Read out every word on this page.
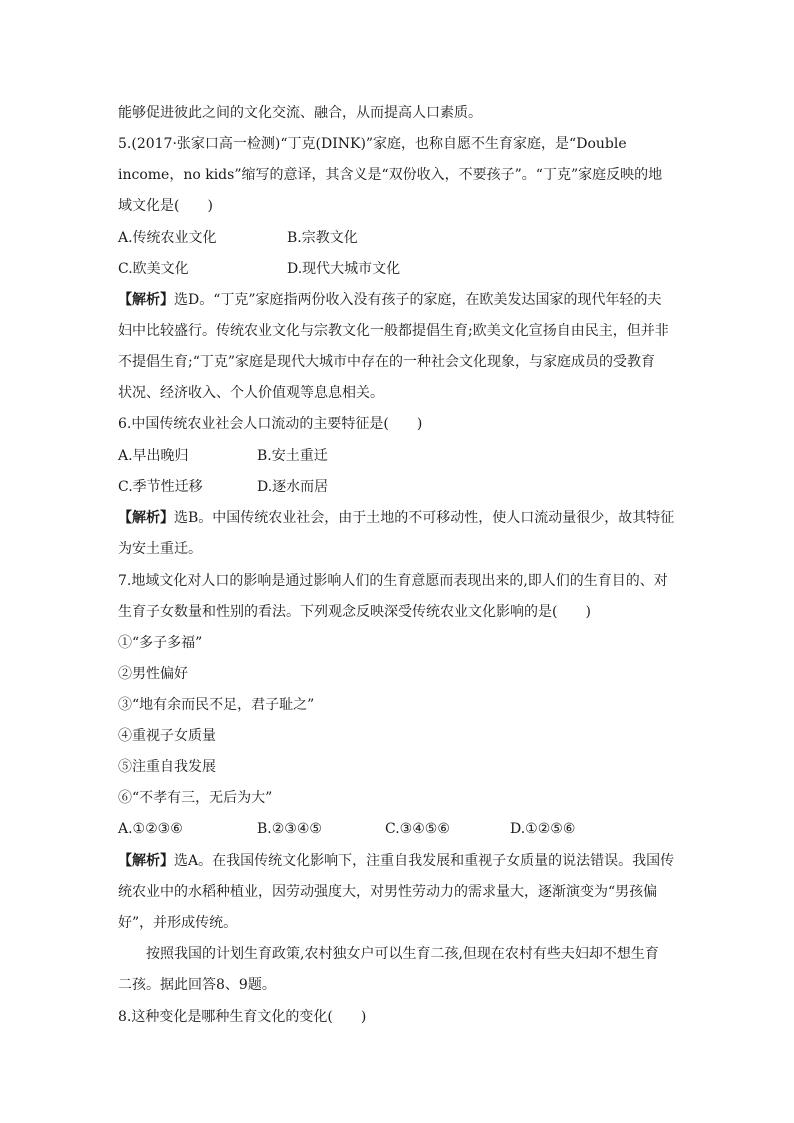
能够促进彼此之间的文化交流、融合，从而提高人口素质。
5.(2017·张家口高一检测)“丁克(DINK)”家庭，也称自愿不生育家庭，是“Double
income，no kids”缩写的意译，其含义是“双份收入，不要孩子”。“丁克”家庭反映的地
域文化是(　　)
A.传统农业文化	B.宗教文化
C.欧美文化	D.现代大城市文化
【解析】选D。“丁克”家庭指两份收入没有孩子的家庭，在欧美发达国家的现代年轻的夫
妇中比较盛行。传统农业文化与宗教文化一般都提倡生育;欧美文化宣扬自由民主，但并非
不提倡生育;“丁克”家庭是现代大城市中存在的一种社会文化现象，与家庭成员的受教育
状况、经济收入、个人价值观等息息相关。
6.中国传统农业社会人口流动的主要特征是(　　)
A.早出晚归	B.安土重迁
C.季节性迁移	D.逐水而居
【解析】选B。中国传统农业社会，由于土地的不可移动性，使人口流动量很少，故其特征
为安土重迁。
7.地域文化对人口的影响是通过影响人们的生育意愿而表现出来的,即人们的生育目的、对
生育子女数量和性别的看法。下列观念反映深受传统农业文化影响的是(　　)
①“多子多福”
②男性偏好
③“地有余而民不足，君子耻之”
④重视子女质量
⑤注重自我发展
⑥“不孝有三，无后为大”
A.①②③⑥	B.②③④⑤	C.③④⑤⑥	D.①②⑤⑥
【解析】选A。在我国传统文化影响下，注重自我发展和重视子女质量的说法错误。我国传
统农业中的水稻种植业，因劳动强度大，对男性劳动力的需求量大，逐渐演变为“男孩偏
好”，并形成传统。
按照我国的计划生育政策,农村独女户可以生育二孩,但现在农村有些夫妇却不想生育
二孩。据此回答8、9题。
8.这种变化是哪种生育文化的变化(　　)
